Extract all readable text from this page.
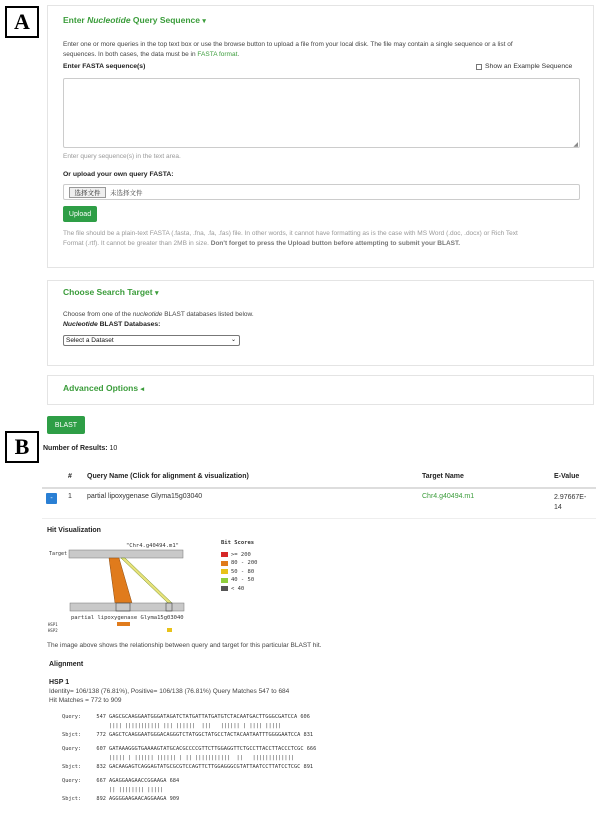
A
B
Enter Nucleotide Query Sequence ▾
Enter one or more queries in the top text box or use the browse button to upload a file from your local disk. The file may contain a single sequence or a list of
sequences. In both cases, the data must be in FASTA format.
Enter FASTA sequence(s)	Show an Example Sequence
◢
Enter query sequence(s) in the text area.
Or upload your own query FASTA:
选择文件	未选择文件
Upload
The file should be a plain-text FASTA (.fasta, .fna, .fa, .fas) file. In other words, it cannot have formatting as is the case with MS Word (.doc, .docx) or Rich Text
Format (.rtf). It cannot be greater than 2MB in size. Don't forget to press the Upload button before attempting to submit your BLAST.
Choose Search Target ▾
Choose from one of the nucleotide BLAST databases listed below.
Nucleotide BLAST Databases:
Select a Dataset	⌄
Advanced Options ◂
BLAST
Number of Results: 10
	#	Query Name (Click for alignment & visualization)	Target Name	E-Value

-	1	partial lipoxygenase Glyma15g03040	Chr4.g40494.m1	2.97667E-
14
Hit Visualization
"Chr4.g40494.m1"
Target
partial lipoxygenase Glyma15g03040
HSP1
HSP2
Bit Scores
>= 200
80 - 200
50 - 80
40 - 50
< 40
The image above shows the relationship between query and target for this particular BLAST hit.
Alignment
HSP 1
Identity= 106/138 (76.81%), Positive= 106/138 (76.81%) Query Matches 547 to 684
Hit Matches = 772 to 909
Query:	547 GAGCGCAAGGAATGGGATAGATCTATGATTATGATGTCTACAATGACTTGGGCGATCCA 606
|||| ||||||||||| ||| ||||||  |||   |||||| | |||| |||||
Sbjct:	772 GAGCTCAAGGAATGGGACAGGGTCTATGGCTATGCCTACTACAATAATTTGGGGAATCCA 831
Query:	607 GATAAAGGGTGAAAAGTATGCACGCCCCGTTCTTGGAGGTTCTGCCTTACCTTACCCTCGC 666
||||| | |||||| |||||| | || |||||||||||  ||   |||||||||||||
Sbjct:	832 GACAAGAGTCAGGAGTATGCGCGTCCAGTTCTTGGAGGGCGTATTAATCCTTATCCTCGC 891
Query:	667 AGAGGAAGAACCGGAAGA 684
|| |||||||| |||||
Sbjct:	892 AGGGGAAGAACAGGAAGA 909
